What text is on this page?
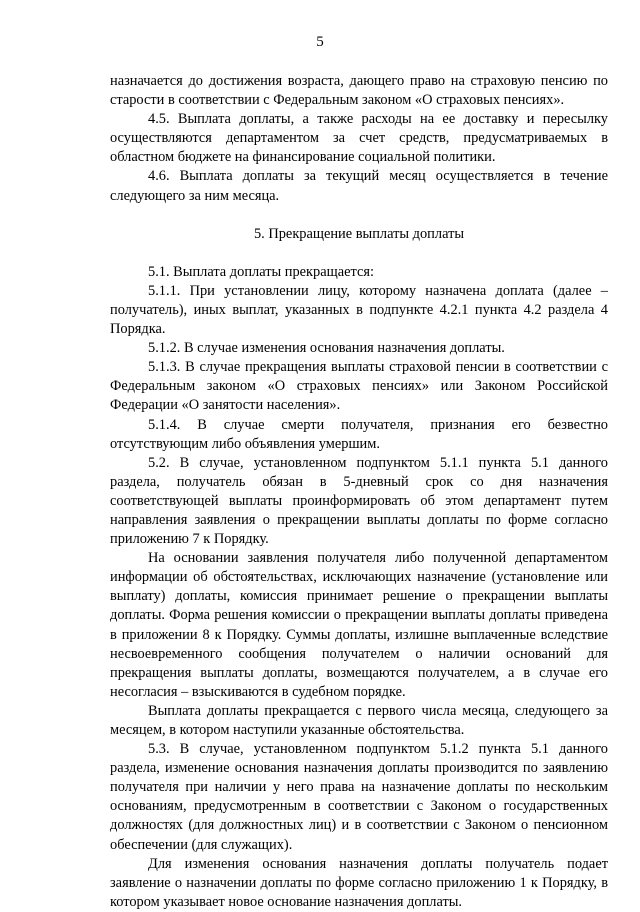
5

назначается до достижения возраста, дающего право на страховую пенсию по старости в соответствии с Федеральным законом «О страховых пенсиях».

4.5. Выплата доплаты, а также расходы на ее доставку и пересылку осуществляются департаментом за счет средств, предусматриваемых в областном бюджете на финансирование социальной политики.

4.6. Выплата доплаты за текущий месяц осуществляется в течение следующего за ним месяца.

5. Прекращение выплаты доплаты

5.1. Выплата доплаты прекращается:

5.1.1. При установлении лицу, которому назначена доплата (далее – получатель), иных выплат, указанных в подпункте 4.2.1 пункта 4.2 раздела 4 Порядка.

5.1.2. В случае изменения основания назначения доплаты.

5.1.3. В случае прекращения выплаты страховой пенсии в соответствии с Федеральным законом «О страховых пенсиях» или Законом Российской Федерации «О занятости населения».

5.1.4. В случае смерти получателя, признания его безвестно отсутствующим либо объявления умершим.

5.2. В случае, установленном подпунктом 5.1.1 пункта 5.1 данного раздела, получатель обязан в 5-дневный срок со дня назначения соответствующей выплаты проинформировать об этом департамент путем направления заявления о прекращении выплаты доплаты по форме согласно приложению 7 к Порядку.

На основании заявления получателя либо полученной департаментом информации об обстоятельствах, исключающих назначение (установление или выплату) доплаты, комиссия принимает решение о прекращении выплаты доплаты. Форма решения комиссии о прекращении выплаты доплаты приведена в приложении 8 к Порядку. Суммы доплаты, излишне выплаченные вследствие несвоевременного сообщения получателем о наличии оснований для прекращения выплаты доплаты, возмещаются получателем, а в случае его несогласия – взыскиваются в судебном порядке.

Выплата доплаты прекращается с первого числа месяца, следующего за месяцем, в котором наступили указанные обстоятельства.

5.3. В случае, установленном подпунктом 5.1.2 пункта 5.1 данного раздела, изменение основания назначения доплаты производится по заявлению получателя при наличии у него права на назначение доплаты по нескольким основаниям, предусмотренным в соответствии с Законом о государственных должностях (для должностных лиц) и в соответствии с Законом о пенсионном обеспечении (для служащих).

Для изменения основания назначения доплаты получатель подает заявление о назначении доплаты по форме согласно приложению 1 к Порядку, в котором указывает новое основание назначения доплаты.
